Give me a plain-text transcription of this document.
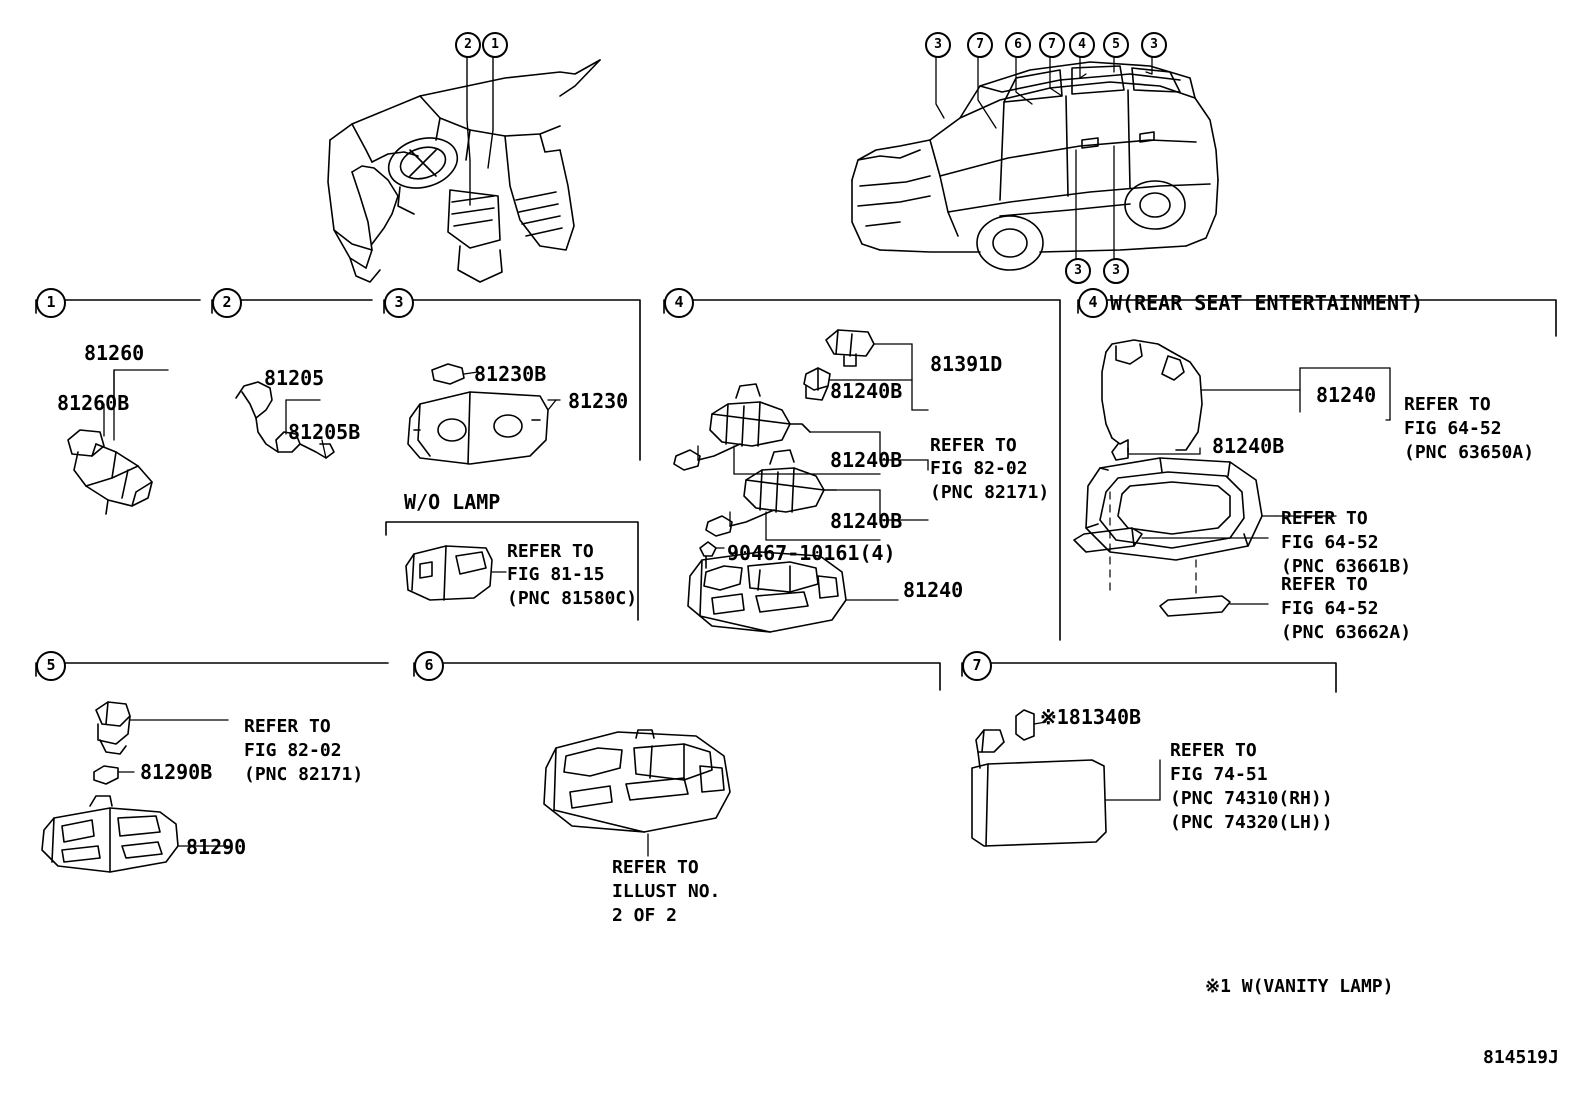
2	1	3	7	6	7	4	5	3
3	3
1	2	3	4	4 W(REAR SEAT ENTERTAINMENT)
5	6	7
81260
81260B
81205
81205B
81230B
81230
W/O LAMP
REFER TO
FIG 81-15
(PNC 81580C)
81391D
81240B
81240B
81240B
REFER TO
FIG 82-02
(PNC 82171)
90467-10161(4)
81240
81240
81240B
REFER TO
FIG 64-52
(PNC 63650A)
REFER TO
FIG 64-52
(PNC 63661B)
REFER TO
FIG 64-52
(PNC 63662A)
REFER TO
FIG 82-02
(PNC 82171)
81290B
81290
REFER TO
ILLUST NO.
2 OF 2
※181340B
REFER TO
FIG 74-51
(PNC 74310(RH))
(PNC 74320(LH))
※1 W(VANITY LAMP)
814519J
